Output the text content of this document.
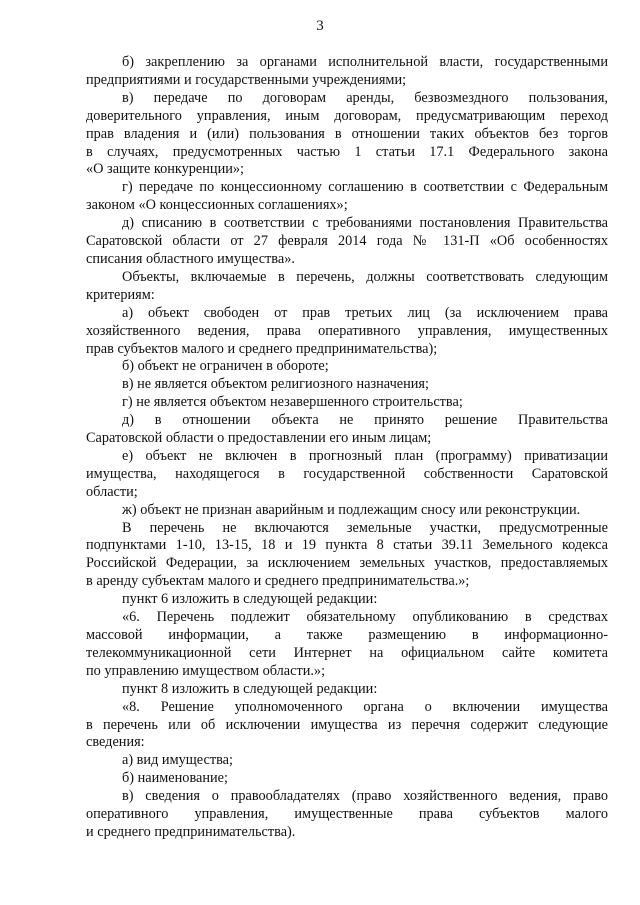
3
б) закреплению за органами исполнительной власти, государственными
предприятиями и государственными учреждениями;
в) передаче по договорам аренды, безвозмездного пользования,
доверительного управления, иным договорам, предусматривающим переход
прав владения и (или) пользования в отношении таких объектов без торгов
в случаях, предусмотренных частью 1 статьи 17.1 Федерального закона
«О защите конкуренции»;
г) передаче по концессионному соглашению в соответствии с Федеральным
законом «О концессионных соглашениях»;
д) списанию в соответствии с требованиями постановления Правительства
Саратовской области от 27 февраля 2014 года № 131-П «Об особенностях
списания областного имущества».
Объекты, включаемые в перечень, должны соответствовать следующим
критериям:
а) объект свободен от прав третьих лиц (за исключением права
хозяйственного ведения, права оперативного управления, имущественных
прав субъектов малого и среднего предпринимательства);
б) объект не ограничен в обороте;
в) не является объектом религиозного назначения;
г) не является объектом незавершенного строительства;
д) в отношении объекта не принято решение Правительства
Саратовской области о предоставлении его иным лицам;
е) объект не включен в прогнозный план (программу) приватизации
имущества, находящегося в государственной собственности Саратовской
области;
ж) объект не признан аварийным и подлежащим сносу или реконструкции.
В перечень не включаются земельные участки, предусмотренные
подпунктами 1-10, 13-15, 18 и 19 пункта 8 статьи 39.11 Земельного кодекса
Российской Федерации, за исключением земельных участков, предоставляемых
в аренду субъектам малого и среднего предпринимательства.»;
пункт 6 изложить в следующей редакции:
«6. Перечень подлежит обязательному опубликованию в средствах
массовой информации, а также размещению в информационно-
телекоммуникационной сети Интернет на официальном сайте комитета
по управлению имуществом области.»;
пункт 8 изложить в следующей редакции:
«8. Решение уполномоченного органа о включении имущества
в перечень или об исключении имущества из перечня содержит следующие
сведения:
а) вид имущества;
б) наименование;
в) сведения о правообладателях (право хозяйственного ведения, право
оперативного управления, имущественные права субъектов малого
и среднего предпринимательства).
